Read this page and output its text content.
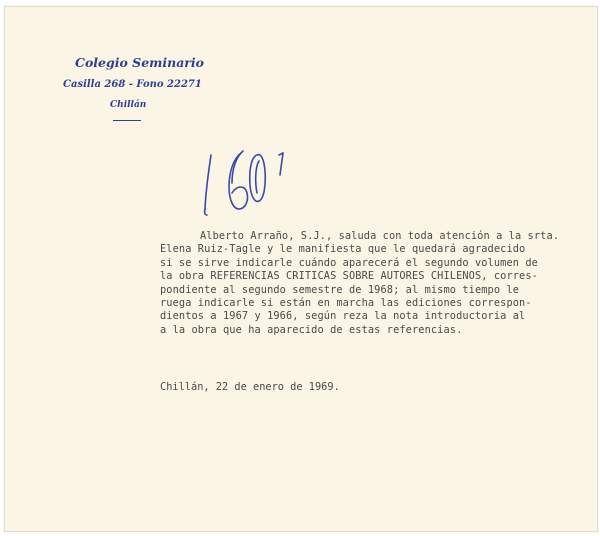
Colegio Seminario
Casilla 268 - Fono 22271
Chillán
Alberto Arraño, S.J., saluda con toda atención a la srta.
Elena Ruiz-Tagle y le manifiesta que le quedará agradecido
si se sirve indicarle cuándo aparecerá el segundo volumen de
la obra REFERENCIAS CRITICAS SOBRE AUTORES CHILENOS, corres-
pondiente al segundo semestre de 1968; al mismo tiempo le
ruega indicarle si están en marcha las ediciones correspon-
dientos a 1967 y 1966, según reza la nota introductoria al
a la obra que ha aparecido de estas referencias.
Chillán, 22 de enero de 1969.
